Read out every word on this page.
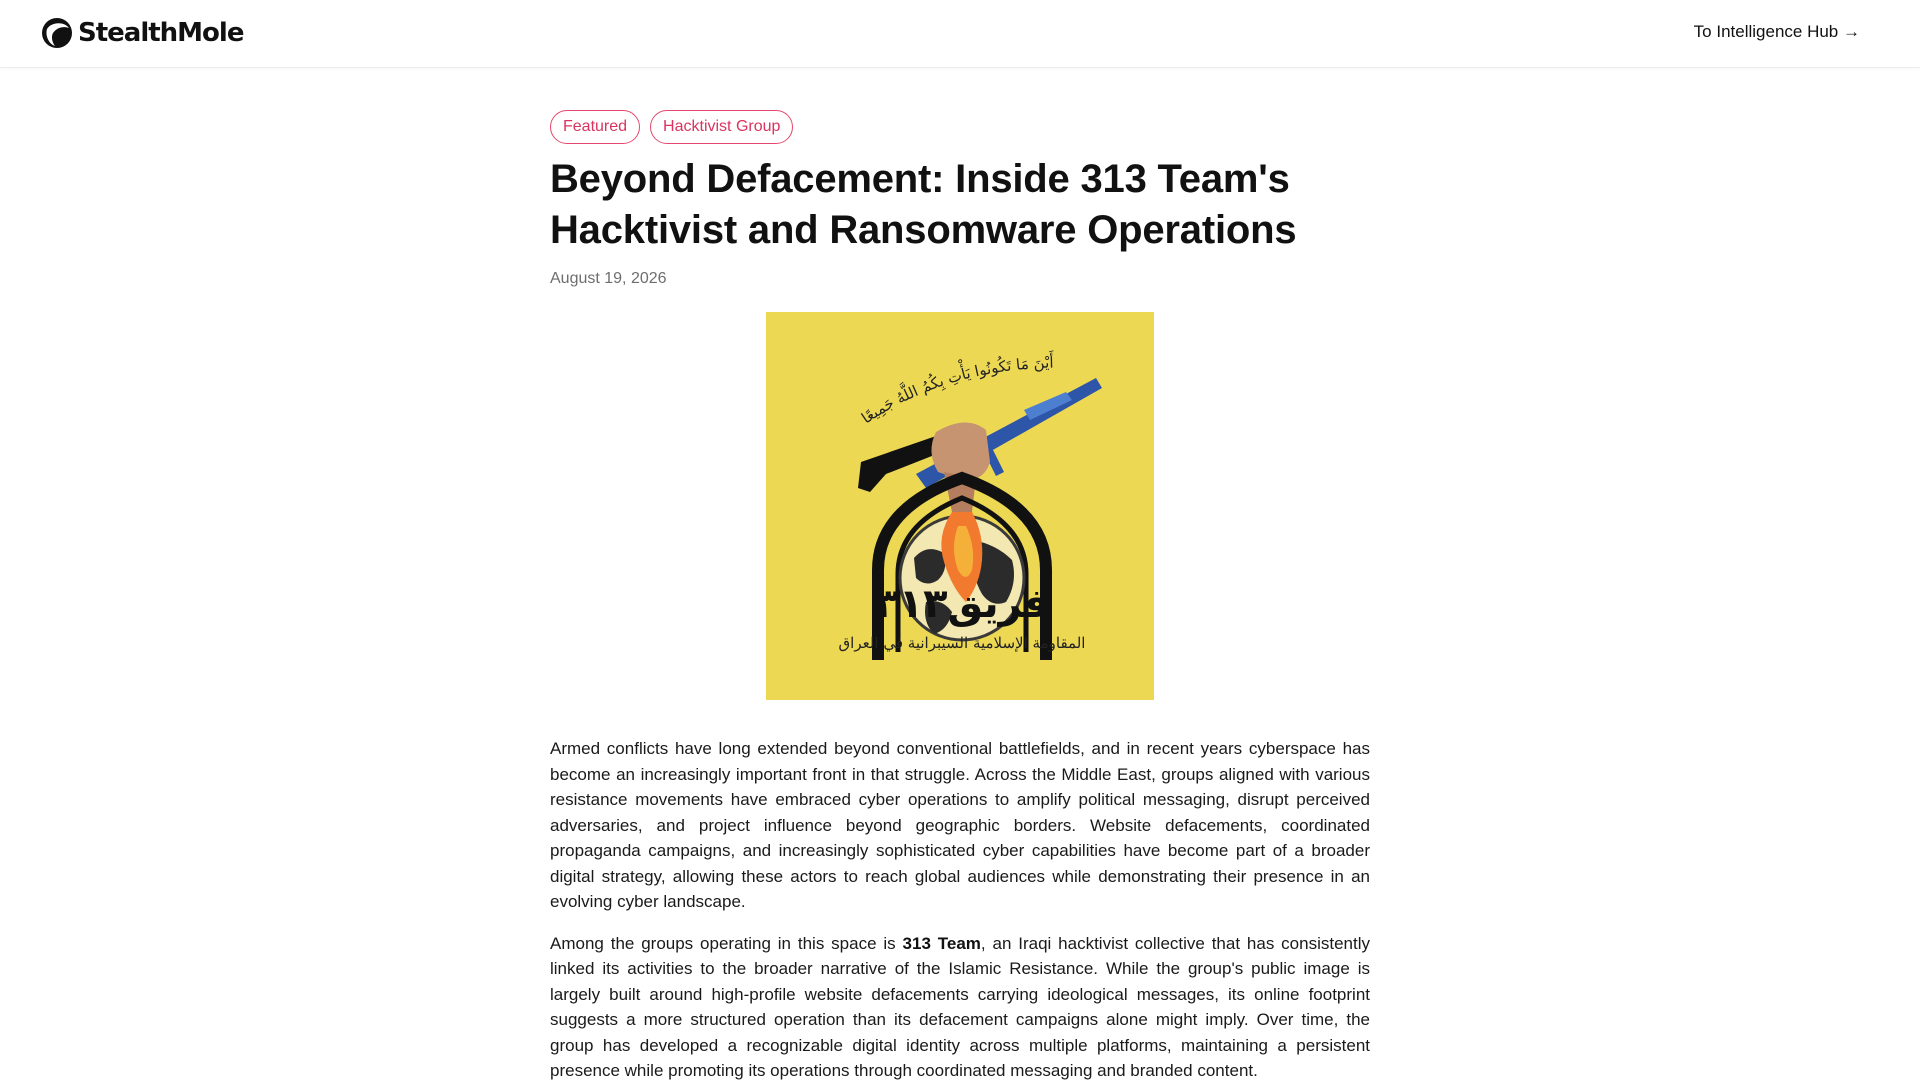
StealthMole	To Intelligence Hub →
Featured	Hacktivist Group
Beyond Defacement: Inside 313 Team's Hacktivist and Ransomware Operations
August 19, 2026
أَيْنَ مَا تَكُونُوا يَأْتِ بِكُمُ اللَّهُ جَمِيعًا
فريق ٣١٣
المقاومة الإسلامية السيبرانية في العراق

Armed conflicts have long extended beyond conventional battlefields, and in recent years cyberspace has become an increasingly important front in that struggle. Across the Middle East, groups aligned with various resistance movements have embraced cyber operations to amplify political messaging, disrupt perceived adversaries, and project influence beyond geographic borders. Website defacements, coordinated propaganda campaigns, and increasingly sophisticated cyber capabilities have become part of a broader digital strategy, allowing these actors to reach global audiences while demonstrating their presence in an evolving cyber landscape.

Among the groups operating in this space is 313 Team, an Iraqi hacktivist collective that has consistently linked its activities to the broader narrative of the Islamic Resistance. While the group's public image is largely built around high-profile website defacements carrying ideological messages, its online footprint suggests a more structured operation than its defacement campaigns alone might imply. Over time, the group has developed a recognizable digital identity across multiple platforms, maintaining a persistent presence while promoting its operations through coordinated messaging and branded content.
